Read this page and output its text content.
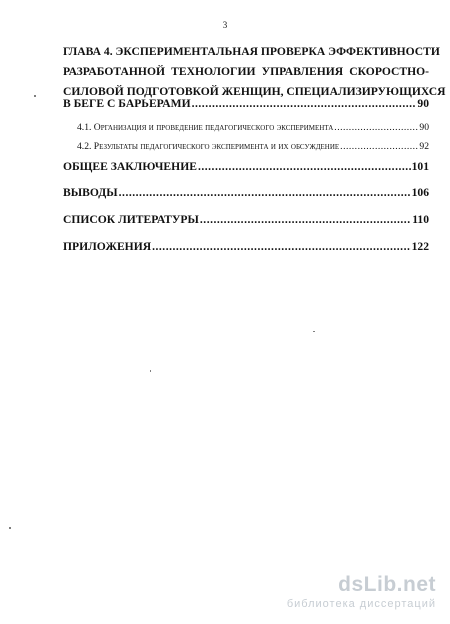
3
ГЛАВА 4. ЭКСПЕРИМЕНТАЛЬНАЯ ПРОВЕРКА ЭФФЕКТИВНОСТИ
РАЗРАБОТАННОЙ ТЕХНОЛОГИИ УПРАВЛЕНИЯ СКОРОСТНО-
СИЛОВОЙ ПОДГОТОВКОЙ ЖЕНЩИН, СПЕЦИАЛИЗИРУЮЩИХСЯ
В БЕГЕ С БАРЬЕРАМИ .....	90
4.1. Организация и проведение педагогического эксперимента .....	90
4.2. Результаты педагогического эксперимента и их обсуждение .....	92
ОБЩЕЕ ЗАКЛЮЧЕНИЕ .....	101
ВЫВОДЫ .....	106
СПИСОК ЛИТЕРАТУРЫ .....	110
ПРИЛОЖЕНИЯ .....	122
dsLib.net
библиотека диссертаций
